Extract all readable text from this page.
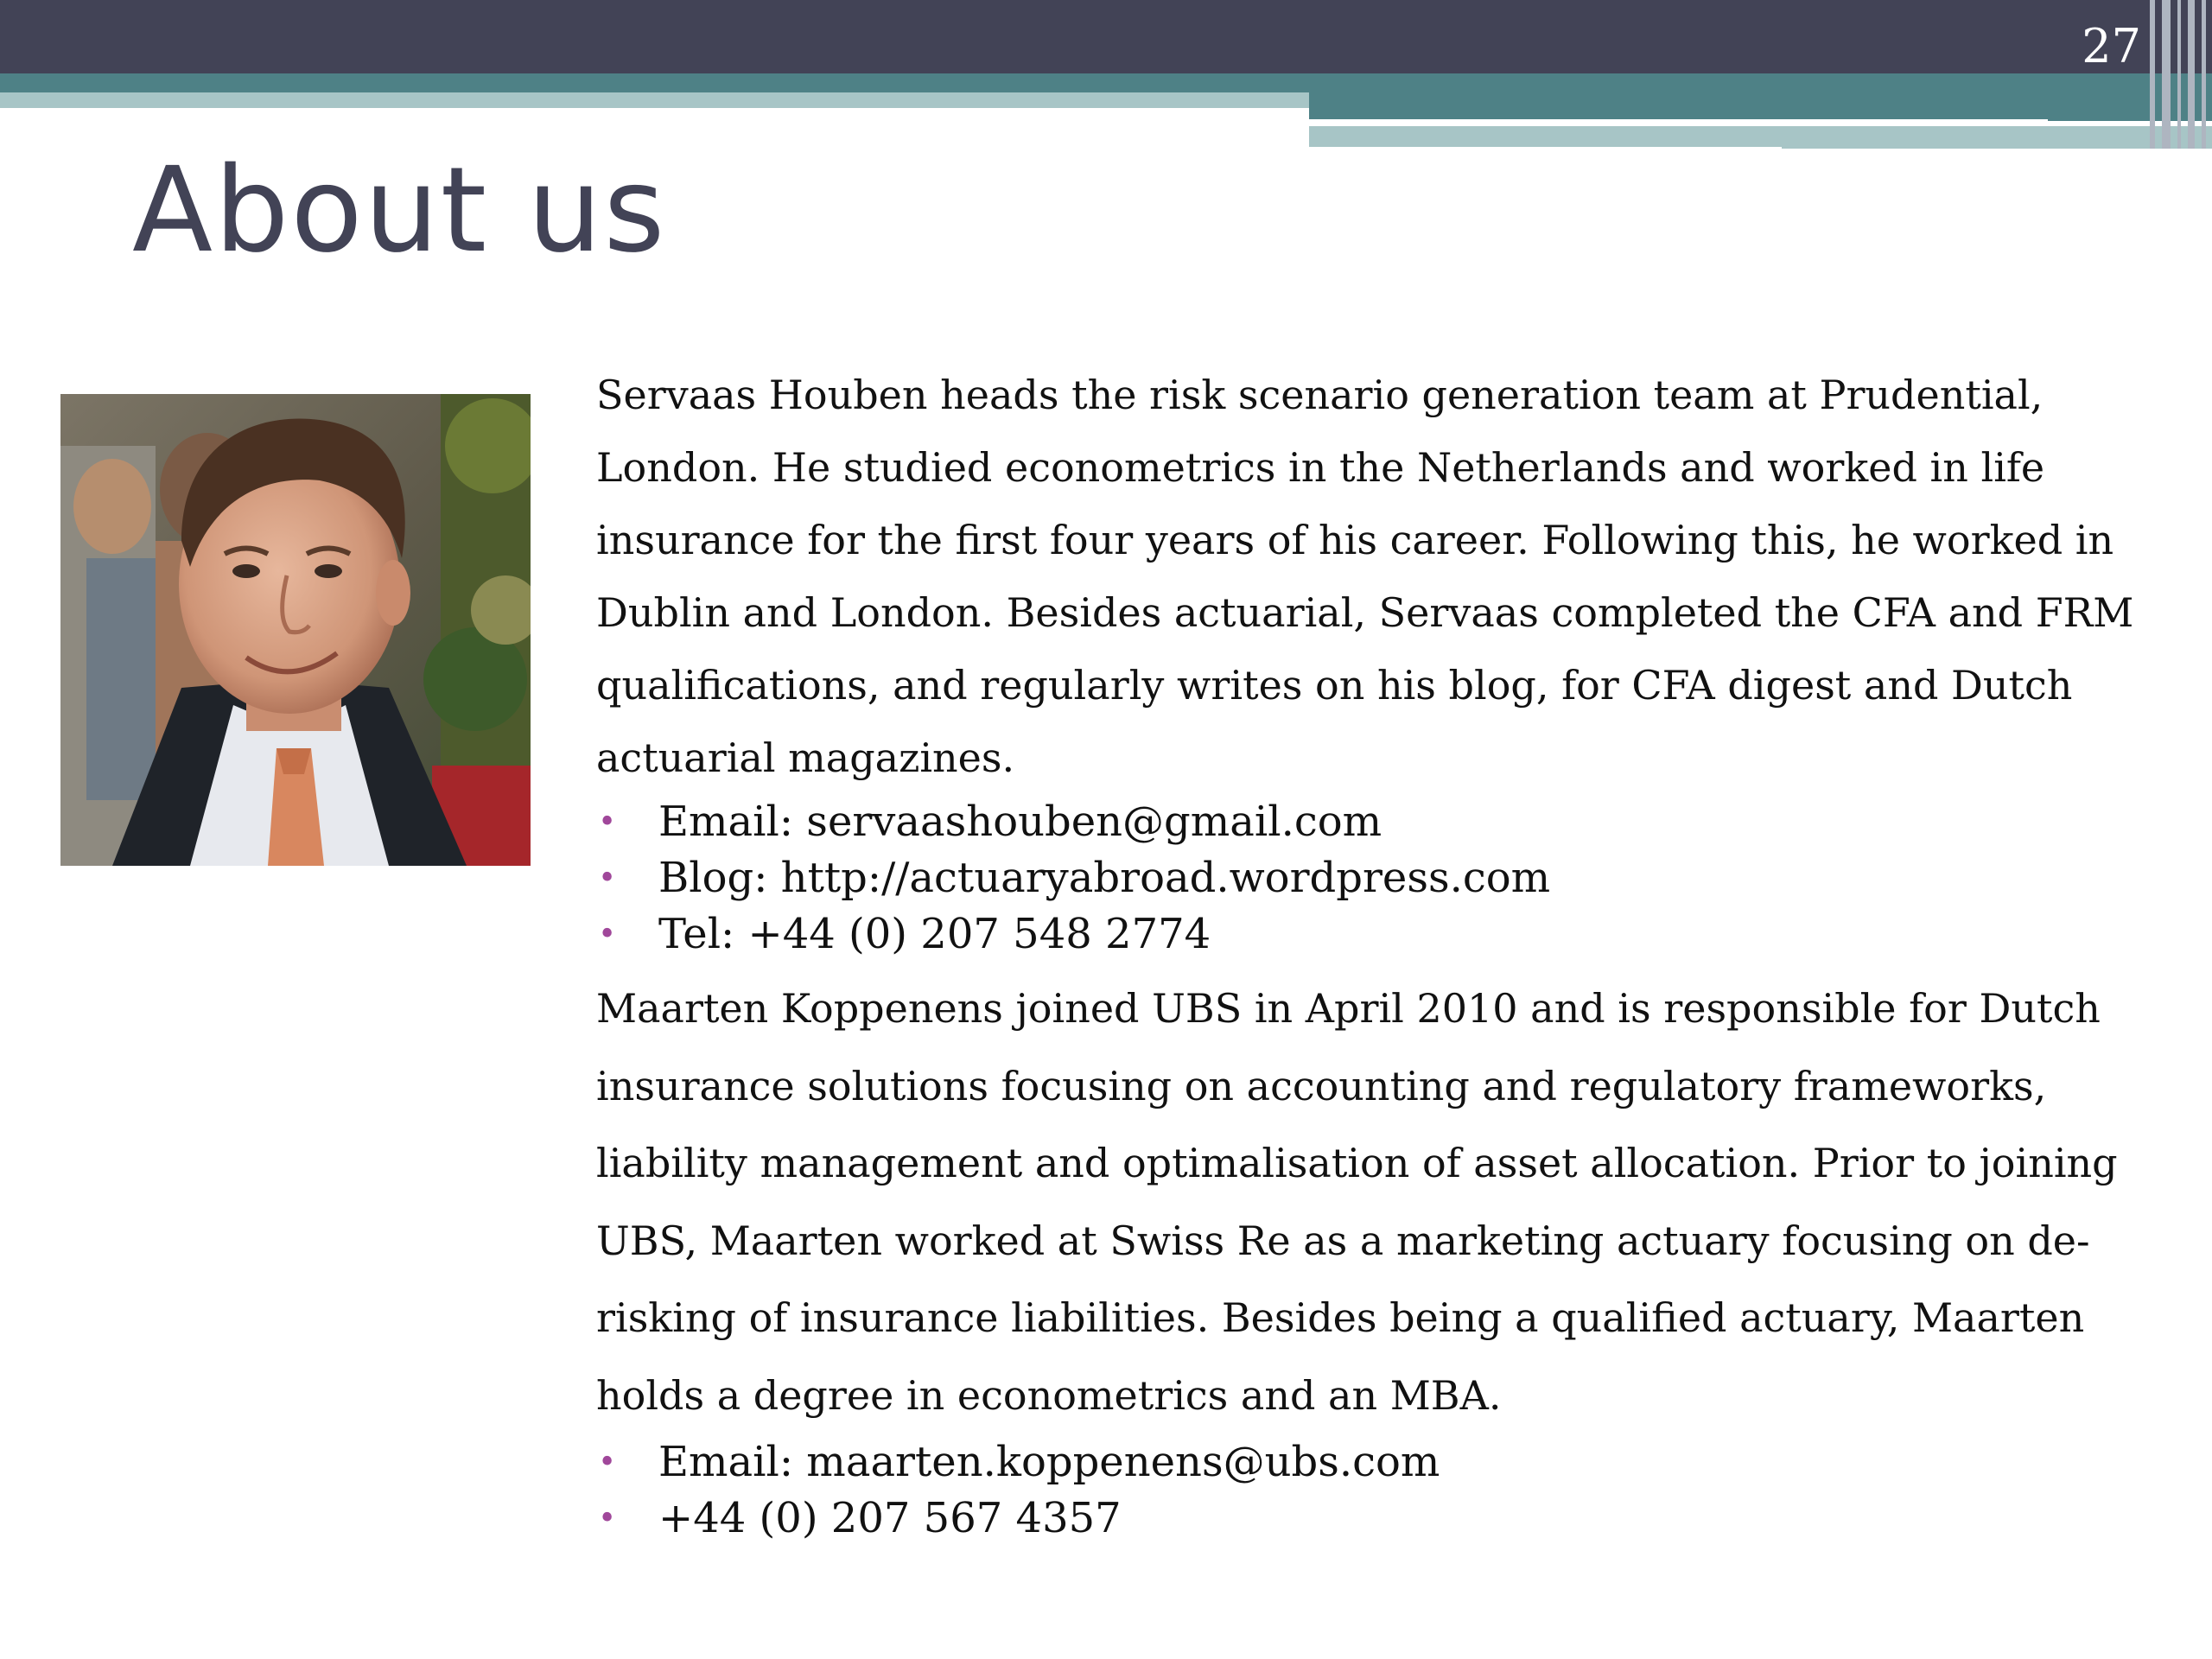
27
About us

Servaas Houben heads the risk scenario generation team at Prudential, London. He studied econometrics in the Netherlands and worked in life insurance for the first four years of his career. Following this, he worked in Dublin and London. Besides actuarial, Servaas completed the CFA and FRM qualifications, and regularly writes on his blog, for CFA digest and Dutch actuarial magazines.

• Email: servaashouben@gmail.com
• Blog: http://actuaryabroad.wordpress.com
• Tel: +44 (0) 207 548 2774

Maarten Koppenens joined UBS in April 2010 and is responsible for Dutch insurance solutions focusing on accounting and regulatory frameworks, liability management and optimalisation of asset allocation. Prior to joining UBS, Maarten worked at Swiss Re as a marketing actuary focusing on de-risking of insurance liabilities. Besides being a qualified actuary, Maarten holds a degree in econometrics and an MBA.

• Email: maarten.koppenens@ubs.com
• +44 (0) 207 567 4357
